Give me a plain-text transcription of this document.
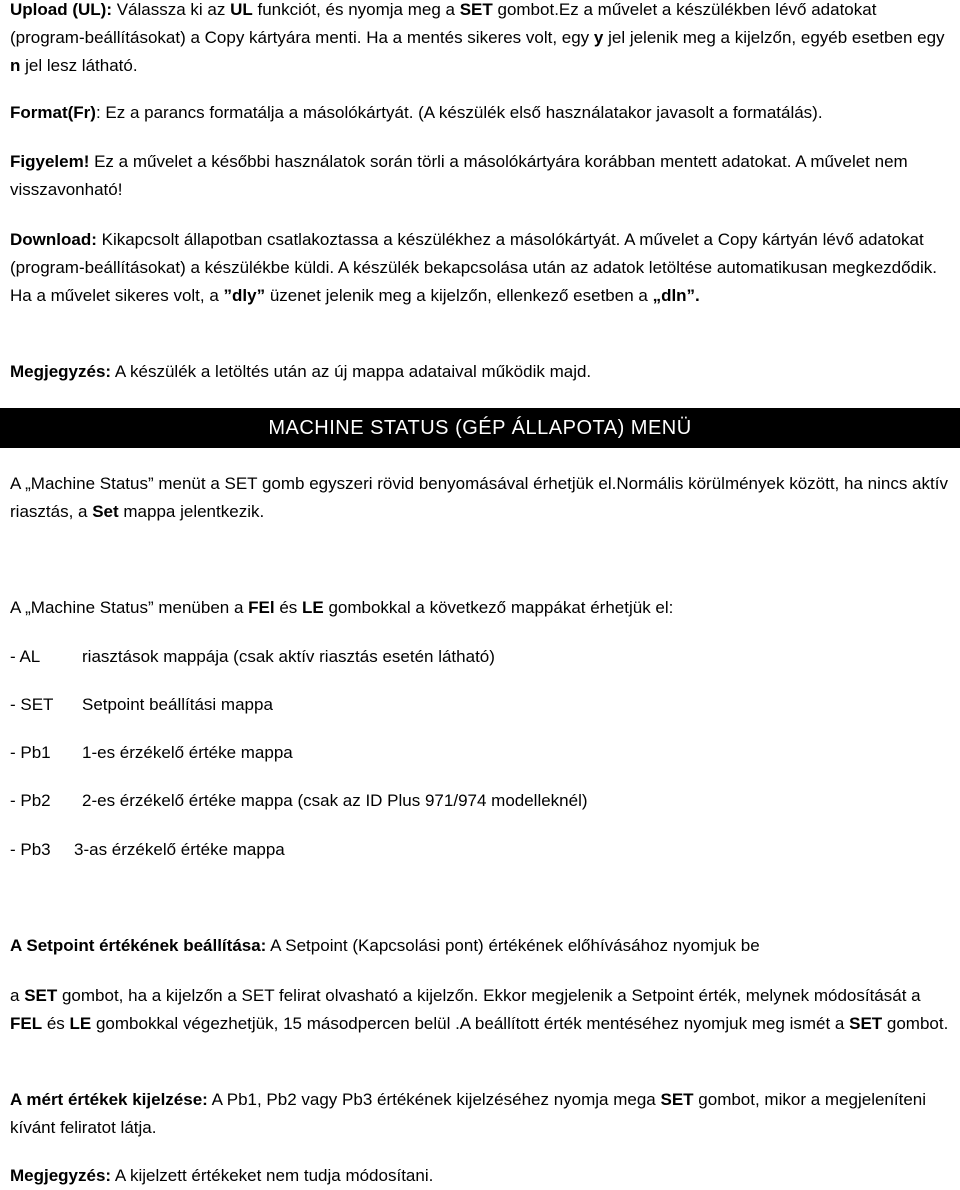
Upload (UL): Válassza ki az UL funkciót, és nyomja meg a SET gombot.Ez a művelet a készülékben lévő adatokat (program-beállításokat) a Copy kártyára menti. Ha a mentés sikeres volt, egy y jel jelenik meg a kijelzőn, egyéb esetben egy n jel lesz látható.
Format(Fr): Ez a parancs formatálja a másolókártyát. (A készülék első használatakor javasolt a formatálás).
Figyelem! Ez a művelet a későbbi használatok során törli a másolókártyára korábban mentett adatokat. A művelet nem visszavonható!
Download: Kikapcsolt állapotban csatlakoztassa a készülékhez a másolókártyát. A művelet a Copy kártyán lévő adatokat (program-beállításokat) a készülékbe küldi. A készülék bekapcsolása után az adatok letöltése automatikusan megkezdődik. Ha a művelet sikeres volt, a ”dly” üzenet jelenik meg a kijelzőn, ellenkező esetben a „dln”.
Megjegyzés: A készülék a letöltés után az új mappa adataival működik majd.
MACHINE STATUS (GÉP ÁLLAPOTA) MENÜ
A „Machine Status” menüt a SET gomb egyszeri rövid benyomásával érhetjük el.Normális körülmények között, ha nincs aktív riasztás, a Set mappa jelentkezik.
A „Machine Status” menüben a FEl és LE gombokkal a következő mappákat érhetjük el:
- AL riasztások mappája (csak aktív riasztás esetén látható)
- SET Setpoint beállítási mappa
- Pb1 1-es érzékelő értéke mappa
- Pb2 2-es érzékelő értéke mappa (csak az ID Plus 971/974 modelleknél)
- Pb3 3-as érzékelő értéke mappa
A Setpoint értékének beállítása: A Setpoint (Kapcsolási pont) értékének előhívásához nyomjuk be
a SET gombot, ha a kijelzőn a SET felirat olvasható a kijelzőn. Ekkor megjelenik a Setpoint érték, melynek módosítását a FEL és LE gombokkal végezhetjük, 15 másodpercen belül .A beállított érték mentéséhez nyomjuk meg ismét a SET gombot.
A mért értékek kijelzése: A Pb1, Pb2 vagy Pb3 értékének kijelzéséhez nyomja mega SET gombot, mikor a megjeleníteni kívánt feliratot látja.
Megjegyzés: A kijelzett értékeket nem tudja módosítani.
